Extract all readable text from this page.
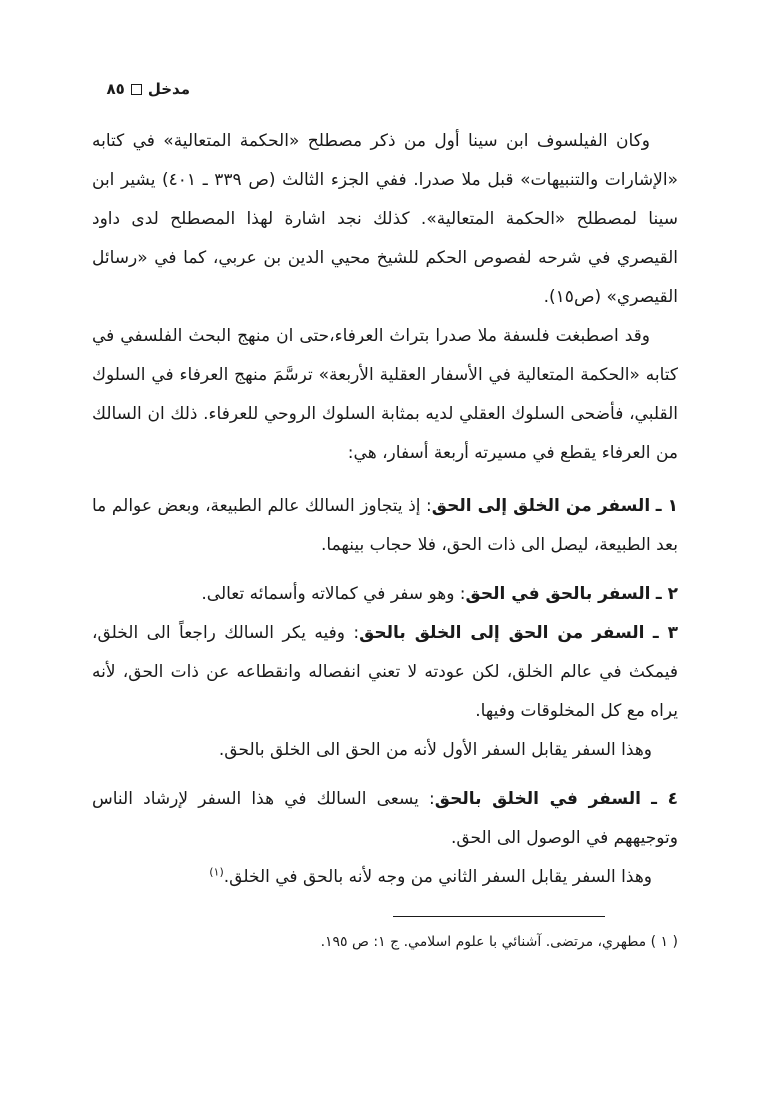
مدخل
٨٥

وكان الفيلسوف ابن سينا أول من ذكر مصطلح «الحكمة المتعالية» في كتابه «الإشارات والتنبيهات» قبل ملا صدرا. ففي الجزء الثالث (ص ٣٣٩ ـ ٤٠١) يشير ابن سينا لمصطلح «الحكمة المتعالية». كذلك نجد اشارة لهذا المصطلح لدى داود القيصري في شرحه لفصوص الحكم للشيخ محيي الدين بن عربي، كما في «رسائل القيصري» (ص١٥).

وقد اصطبغت فلسفة ملا صدرا بتراث العرفاء،حتى ان منهج البحث الفلسفي في كتابه «الحكمة المتعالية في الأسفار العقلية الأربعة» ترسَّمَ منهج العرفاء في السلوك القلبي، فأضحى السلوك العقلي لديه بمثابة السلوك الروحي للعرفاء. ذلك ان السالك من العرفاء يقطع في مسيرته أربعة أسفار، هي:

١ ـ السفر من الخلق إلى الحق: إذ يتجاوز السالك عالم الطبيعة، وبعض عوالم ما بعد الطبيعة، ليصل الى ذات الحق، فلا حجاب بينهما.

٢ ـ السفر بالحق في الحق: وهو سفر في كمالاته وأسمائه تعالى.

٣ ـ السفر من الحق إلى الخلق بالحق: وفيه يكر السالك راجعاً الى الخلق، فيمكث في عالم الخلق، لكن عودته لا تعني انفصاله وانقطاعه عن ذات الحق، لأنه يراه مع كل المخلوقات وفيها.

وهذا السفر يقابل السفر الأول لأنه من الحق الى الخلق بالحق.

٤ ـ السفر في الخلق بالحق: يسعى السالك في هذا السفر لإرشاد الناس وتوجيههم في الوصول الى الحق.

وهذا السفر يقابل السفر الثاني من وجه لأنه بالحق في الخلق.$^{(١)}$

( ١ ) مطهري، مرتضى. آشنائي با علوم اسلامي. ج ١: ص ١٩٥.
